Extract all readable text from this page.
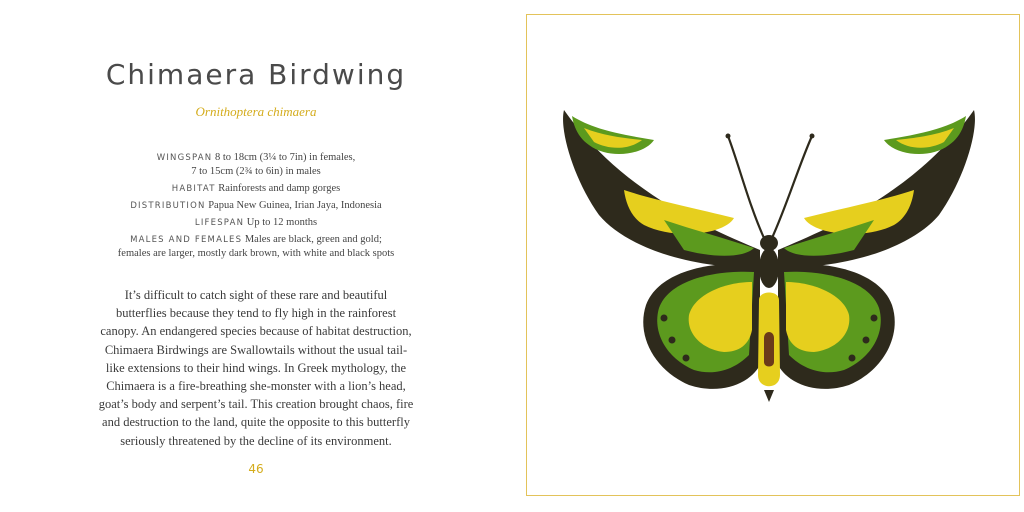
Chimaera Birdwing
Ornithoptera chimaera
WINGSPAN 8 to 18cm (3¼ to 7in) in females,
7 to 15cm (2¾ to 6in) in males
HABITAT Rainforests and damp gorges
DISTRIBUTION Papua New Guinea, Irian Jaya, Indonesia
LIFESPAN Up to 12 months
MALES AND FEMALES Males are black, green and gold;
females are larger, mostly dark brown, with white and black spots
It’s difficult to catch sight of these rare and beautiful
butterflies because they tend to fly high in the rainforest
canopy. An endangered species because of habitat destruction,
Chimaera Birdwings are Swallowtails without the usual tail-
like extensions to their hind wings. In Greek mythology, the
Chimaera is a fire-breathing she-monster with a lion’s head,
goat’s body and serpent’s tail. This creation brought chaos, fire
and destruction to the land, quite the opposite to this butterfly
seriously threatened by the decline of its environment.
46
